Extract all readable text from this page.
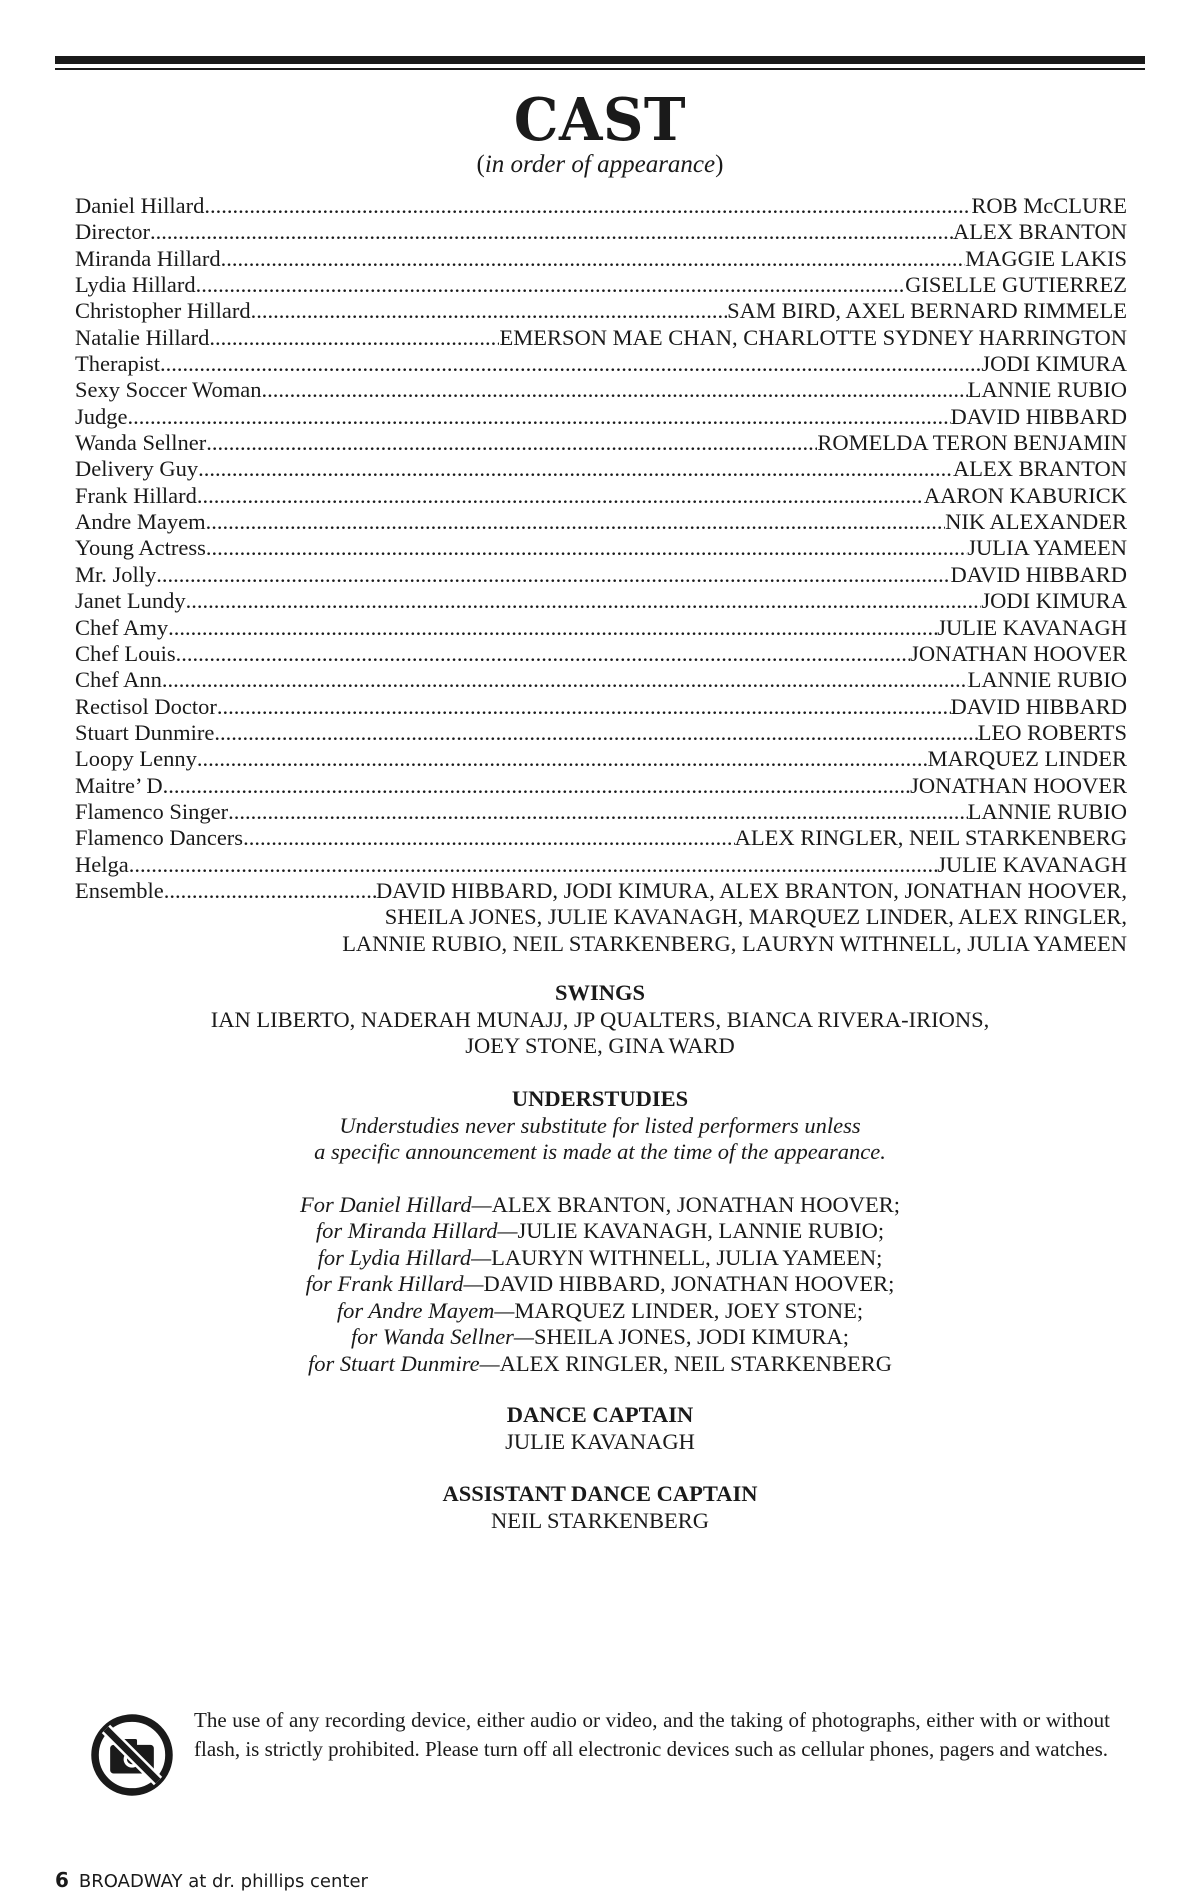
CAST
(in order of appearance)
Daniel Hillard .....	ROB McCLURE
Director .....	ALEX BRANTON
Miranda Hillard .....	MAGGIE LAKIS
Lydia Hillard .....	GISELLE GUTIERREZ
Christopher Hillard .....	SAM BIRD, AXEL BERNARD RIMMELE
Natalie Hillard .....	EMERSON MAE CHAN, CHARLOTTE SYDNEY HARRINGTON
Therapist .....	JODI KIMURA
Sexy Soccer Woman .....	LANNIE RUBIO
Judge .....	DAVID HIBBARD
Wanda Sellner .....	ROMELDA TERON BENJAMIN
Delivery Guy .....	ALEX BRANTON
Frank Hillard .....	AARON KABURICK
Andre Mayem .....	NIK ALEXANDER
Young Actress .....	JULIA YAMEEN
Mr. Jolly .....	DAVID HIBBARD
Janet Lundy .....	JODI KIMURA
Chef Amy .....	JULIE KAVANAGH
Chef Louis .....	JONATHAN HOOVER
Chef Ann .....	LANNIE RUBIO
Rectisol Doctor .....	DAVID HIBBARD
Stuart Dunmire .....	LEO ROBERTS
Loopy Lenny .....	MARQUEZ LINDER
Maitre’ D .....	JONATHAN HOOVER
Flamenco Singer .....	LANNIE RUBIO
Flamenco Dancers .....	ALEX RINGLER, NEIL STARKENBERG
Helga .....	JULIE KAVANAGH
Ensemble .....	DAVID HIBBARD, JODI KIMURA, ALEX BRANTON, JONATHAN HOOVER,
SHEILA JONES, JULIE KAVANAGH, MARQUEZ LINDER, ALEX RINGLER,
LANNIE RUBIO, NEIL STARKENBERG, LAURYN WITHNELL, JULIA YAMEEN
SWINGS
IAN LIBERTO, NADERAH MUNAJJ, JP QUALTERS, BIANCA RIVERA-IRIONS,
JOEY STONE, GINA WARD
UNDERSTUDIES
Understudies never substitute for listed performers unless
a specific announcement is made at the time of the appearance.
For Daniel Hillard—ALEX BRANTON, JONATHAN HOOVER;
for Miranda Hillard—JULIE KAVANAGH, LANNIE RUBIO;
for Lydia Hillard—LAURYN WITHNELL, JULIA YAMEEN;
for Frank Hillard—DAVID HIBBARD, JONATHAN HOOVER;
for Andre Mayem—MARQUEZ LINDER, JOEY STONE;
for Wanda Sellner—SHEILA JONES, JODI KIMURA;
for Stuart Dunmire—ALEX RINGLER, NEIL STARKENBERG
DANCE CAPTAIN
JULIE KAVANAGH
ASSISTANT DANCE CAPTAIN
NEIL STARKENBERG
The use of any recording device, either audio or video, and the taking of photographs, either with or without flash, is strictly prohibited. Please turn off all electronic devices such as cellular phones, pagers and watches.
6 BROADWAY at dr. phillips center
